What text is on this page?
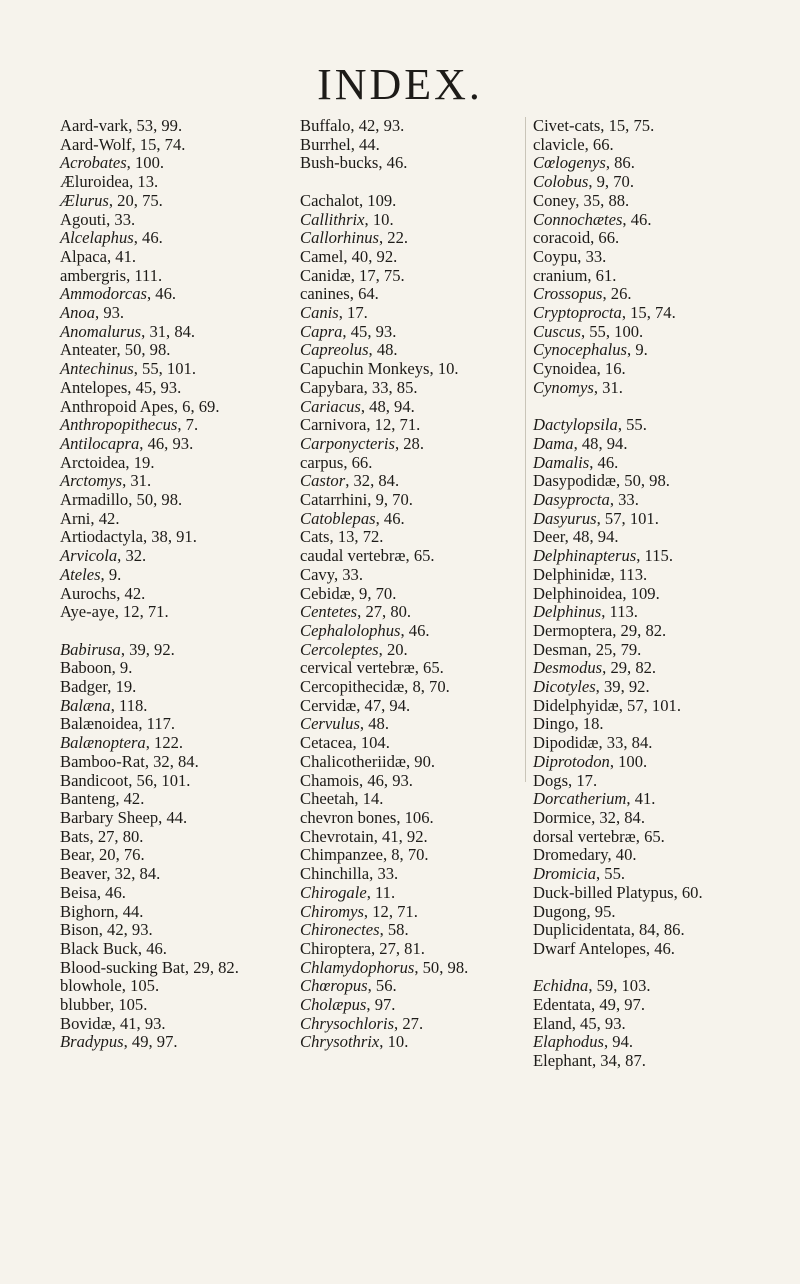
INDEX.
Aard-vark, 53, 99.
Aard-Wolf, 15, 74.
Acrobates, 100.
Æluroidea, 13.
Ælurus, 20, 75.
Agouti, 33.
Alcelaphus, 46.
Alpaca, 41.
ambergris, 111.
Ammodorcas, 46.
Anoa, 93.
Anomalurus, 31, 84.
Anteater, 50, 98.
Antechinus, 55, 101.
Antelopes, 45, 93.
Anthropoid Apes, 6, 69.
Anthropopithecus, 7.
Antilocapra, 46, 93.
Arctoidea, 19.
Arctomys, 31.
Armadillo, 50, 98.
Arni, 42.
Artiodactyla, 38, 91.
Arvicola, 32.
Ateles, 9.
Aurochs, 42.
Aye-aye, 12, 71.
Babirusa, 39, 92.
Baboon, 9.
Badger, 19.
Balæna, 118.
Balænoidea, 117.
Balænoptera, 122.
Bamboo-Rat, 32, 84.
Bandicoot, 56, 101.
Banteng, 42.
Barbary Sheep, 44.
Bats, 27, 80.
Bear, 20, 76.
Beaver, 32, 84.
Beisa, 46.
Bighorn, 44.
Bison, 42, 93.
Black Buck, 46.
Blood-sucking Bat, 29, 82.
blowhole, 105.
blubber, 105.
Bovidæ, 41, 93.
Bradypus, 49, 97.
Buffalo, 42, 93.
Burrhel, 44.
Bush-bucks, 46.
Cachalot, 109.
Callithrix, 10.
Callorhinus, 22.
Camel, 40, 92.
Canidæ, 17, 75.
canines, 64.
Canis, 17.
Capra, 45, 93.
Capreolus, 48.
Capuchin Monkeys, 10.
Capybara, 33, 85.
Cariacus, 48, 94.
Carnivora, 12, 71.
Carponycteris, 28.
carpus, 66.
Castor, 32, 84.
Catarrhini, 9, 70.
Catoblepas, 46.
Cats, 13, 72.
caudal vertebræ, 65.
Cavy, 33.
Cebidæ, 9, 70.
Centetes, 27, 80.
Cephalolophus, 46.
Cercoleptes, 20.
cervical vertebræ, 65.
Cercopithecidæ, 8, 70.
Cervidæ, 47, 94.
Cervulus, 48.
Cetacea, 104.
Chalicotheriidæ, 90.
Chamois, 46, 93.
Cheetah, 14.
chevron bones, 106.
Chevrotain, 41, 92.
Chimpanzee, 8, 70.
Chinchilla, 33.
Chirogale, 11.
Chiromys, 12, 71.
Chironectes, 58.
Chiroptera, 27, 81.
Chlamydophorus, 50, 98.
Chœropus, 56.
Cholæpus, 97.
Chrysochloris, 27.
Chrysothrix, 10.
Civet-cats, 15, 75.
clavicle, 66.
Cœlogenys, 86.
Colobus, 9, 70.
Coney, 35, 88.
Connochætes, 46.
coracoid, 66.
Coypu, 33.
cranium, 61.
Crossopus, 26.
Cryptoprocta, 15, 74.
Cuscus, 55, 100.
Cynocephalus, 9.
Cynoidea, 16.
Cynomys, 31.
Dactylopsila, 55.
Dama, 48, 94.
Damalis, 46.
Dasypodidæ, 50, 98.
Dasyprocta, 33.
Dasyurus, 57, 101.
Deer, 48, 94.
Delphinapterus, 115.
Delphinidæ, 113.
Delphinoidea, 109.
Delphinus, 113.
Dermoptera, 29, 82.
Desman, 25, 79.
Desmodus, 29, 82.
Dicotyles, 39, 92.
Didelphyidæ, 57, 101.
Dingo, 18.
Dipodidæ, 33, 84.
Diprotodon, 100.
Dogs, 17.
Dorcatherium, 41.
Dormice, 32, 84.
dorsal vertebræ, 65.
Dromedary, 40.
Dromicia, 55.
Duck-billed Platypus, 60.
Dugong, 95.
Duplicidentata, 84, 86.
Dwarf Antelopes, 46.
Echidna, 59, 103.
Edentata, 49, 97.
Eland, 45, 93.
Elaphodus, 94.
Elephant, 34, 87.
